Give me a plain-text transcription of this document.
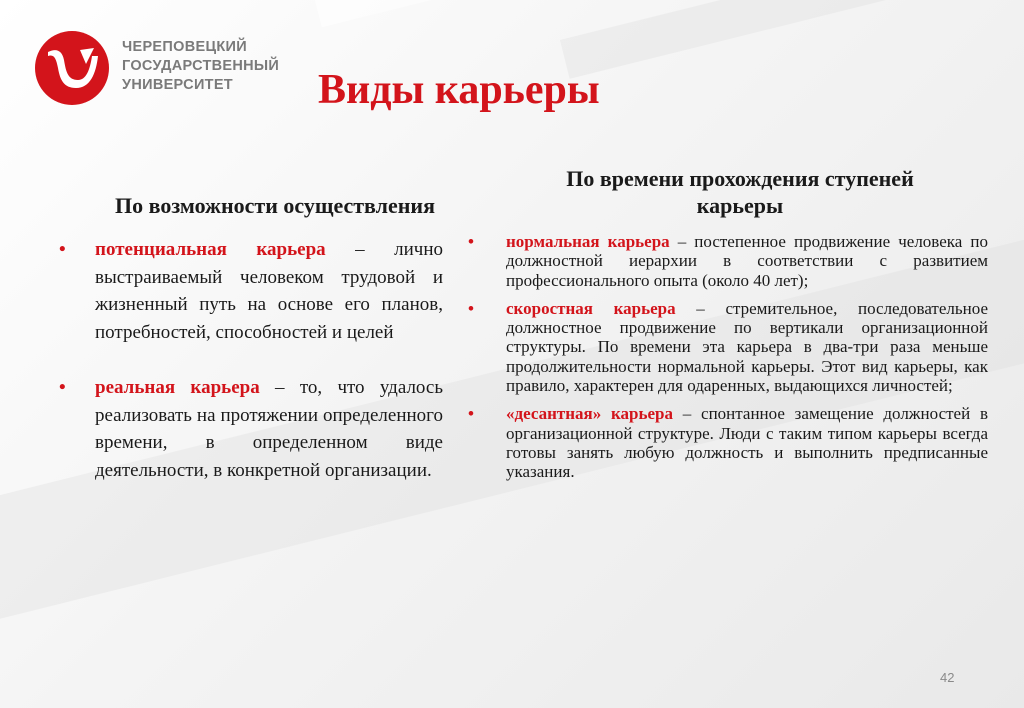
ЧЕРЕПОВЕЦКИЙ
ГОСУДАРСТВЕННЫЙ
УНИВЕРСИТЕТ	Виды карьеры
По возможности осуществления
По времени прохождения ступеней карьеры
• потенциальная карьера – лично выстраиваемый человеком трудовой и жизненный путь на основе его планов, потребностей, способностей и целей
• реальная карьера – то, что удалось реализовать на протяжении определенного времени, в определенном виде деятельности, в конкретной организации.
• нормальная карьера – постепенное продвижение человека по должностной иерархии в соответствии с развитием профессионального опыта (около 40 лет);
• скоростная карьера – стремительное, последовательное должностное продвижение по вертикали организационной структуры. По времени эта карьера в два-три раза меньше продолжительности нормальной карьеры. Этот вид карьеры, как правило, характерен для одаренных, выдающихся личностей;
• «десантная» карьера – спонтанное замещение должностей в организационной структуре. Люди с таким типом карьеры всегда готовы занять любую должность и выполнить предписанные указания.
42
